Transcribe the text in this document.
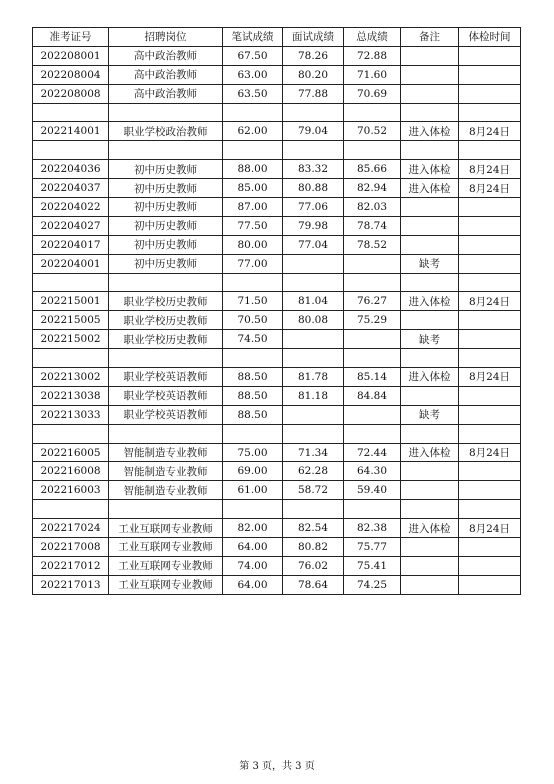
准考证号	招聘岗位	笔试成绩	面试成绩	总成绩	备注	体检时间
202208001	高中政治教师	67.50	78.26	72.88		
202208004	高中政治教师	63.00	80.20	71.60		
202208008	高中政治教师	63.50	77.88	70.69		

202214001	职业学校政治教师	62.00	79.04	70.52	进入体检	8月24日

202204036	初中历史教师	88.00	83.32	85.66	进入体检	8月24日
202204037	初中历史教师	85.00	80.88	82.94	进入体检	8月24日
202204022	初中历史教师	87.00	77.06	82.03		
202204027	初中历史教师	77.50	79.98	78.74		
202204017	初中历史教师	80.00	77.04	78.52		
202204001	初中历史教师	77.00			缺考	

202215001	职业学校历史教师	71.50	81.04	76.27	进入体检	8月24日
202215005	职业学校历史教师	70.50	80.08	75.29		
202215002	职业学校历史教师	74.50			缺考	

202213002	职业学校英语教师	88.50	81.78	85.14	进入体检	8月24日
202213038	职业学校英语教师	88.50	81.18	84.84		
202213033	职业学校英语教师	88.50			缺考	

202216005	智能制造专业教师	75.00	71.34	72.44	进入体检	8月24日
202216008	智能制造专业教师	69.00	62.28	64.30		
202216003	智能制造专业教师	61.00	58.72	59.40		

202217024	工业互联网专业教师	82.00	82.54	82.38	进入体检	8月24日
202217008	工业互联网专业教师	64.00	80.82	75.77		
202217012	工业互联网专业教师	74.00	76.02	75.41		
202217013	工业互联网专业教师	64.00	78.64	74.25		
第 3 页，共 3 页
